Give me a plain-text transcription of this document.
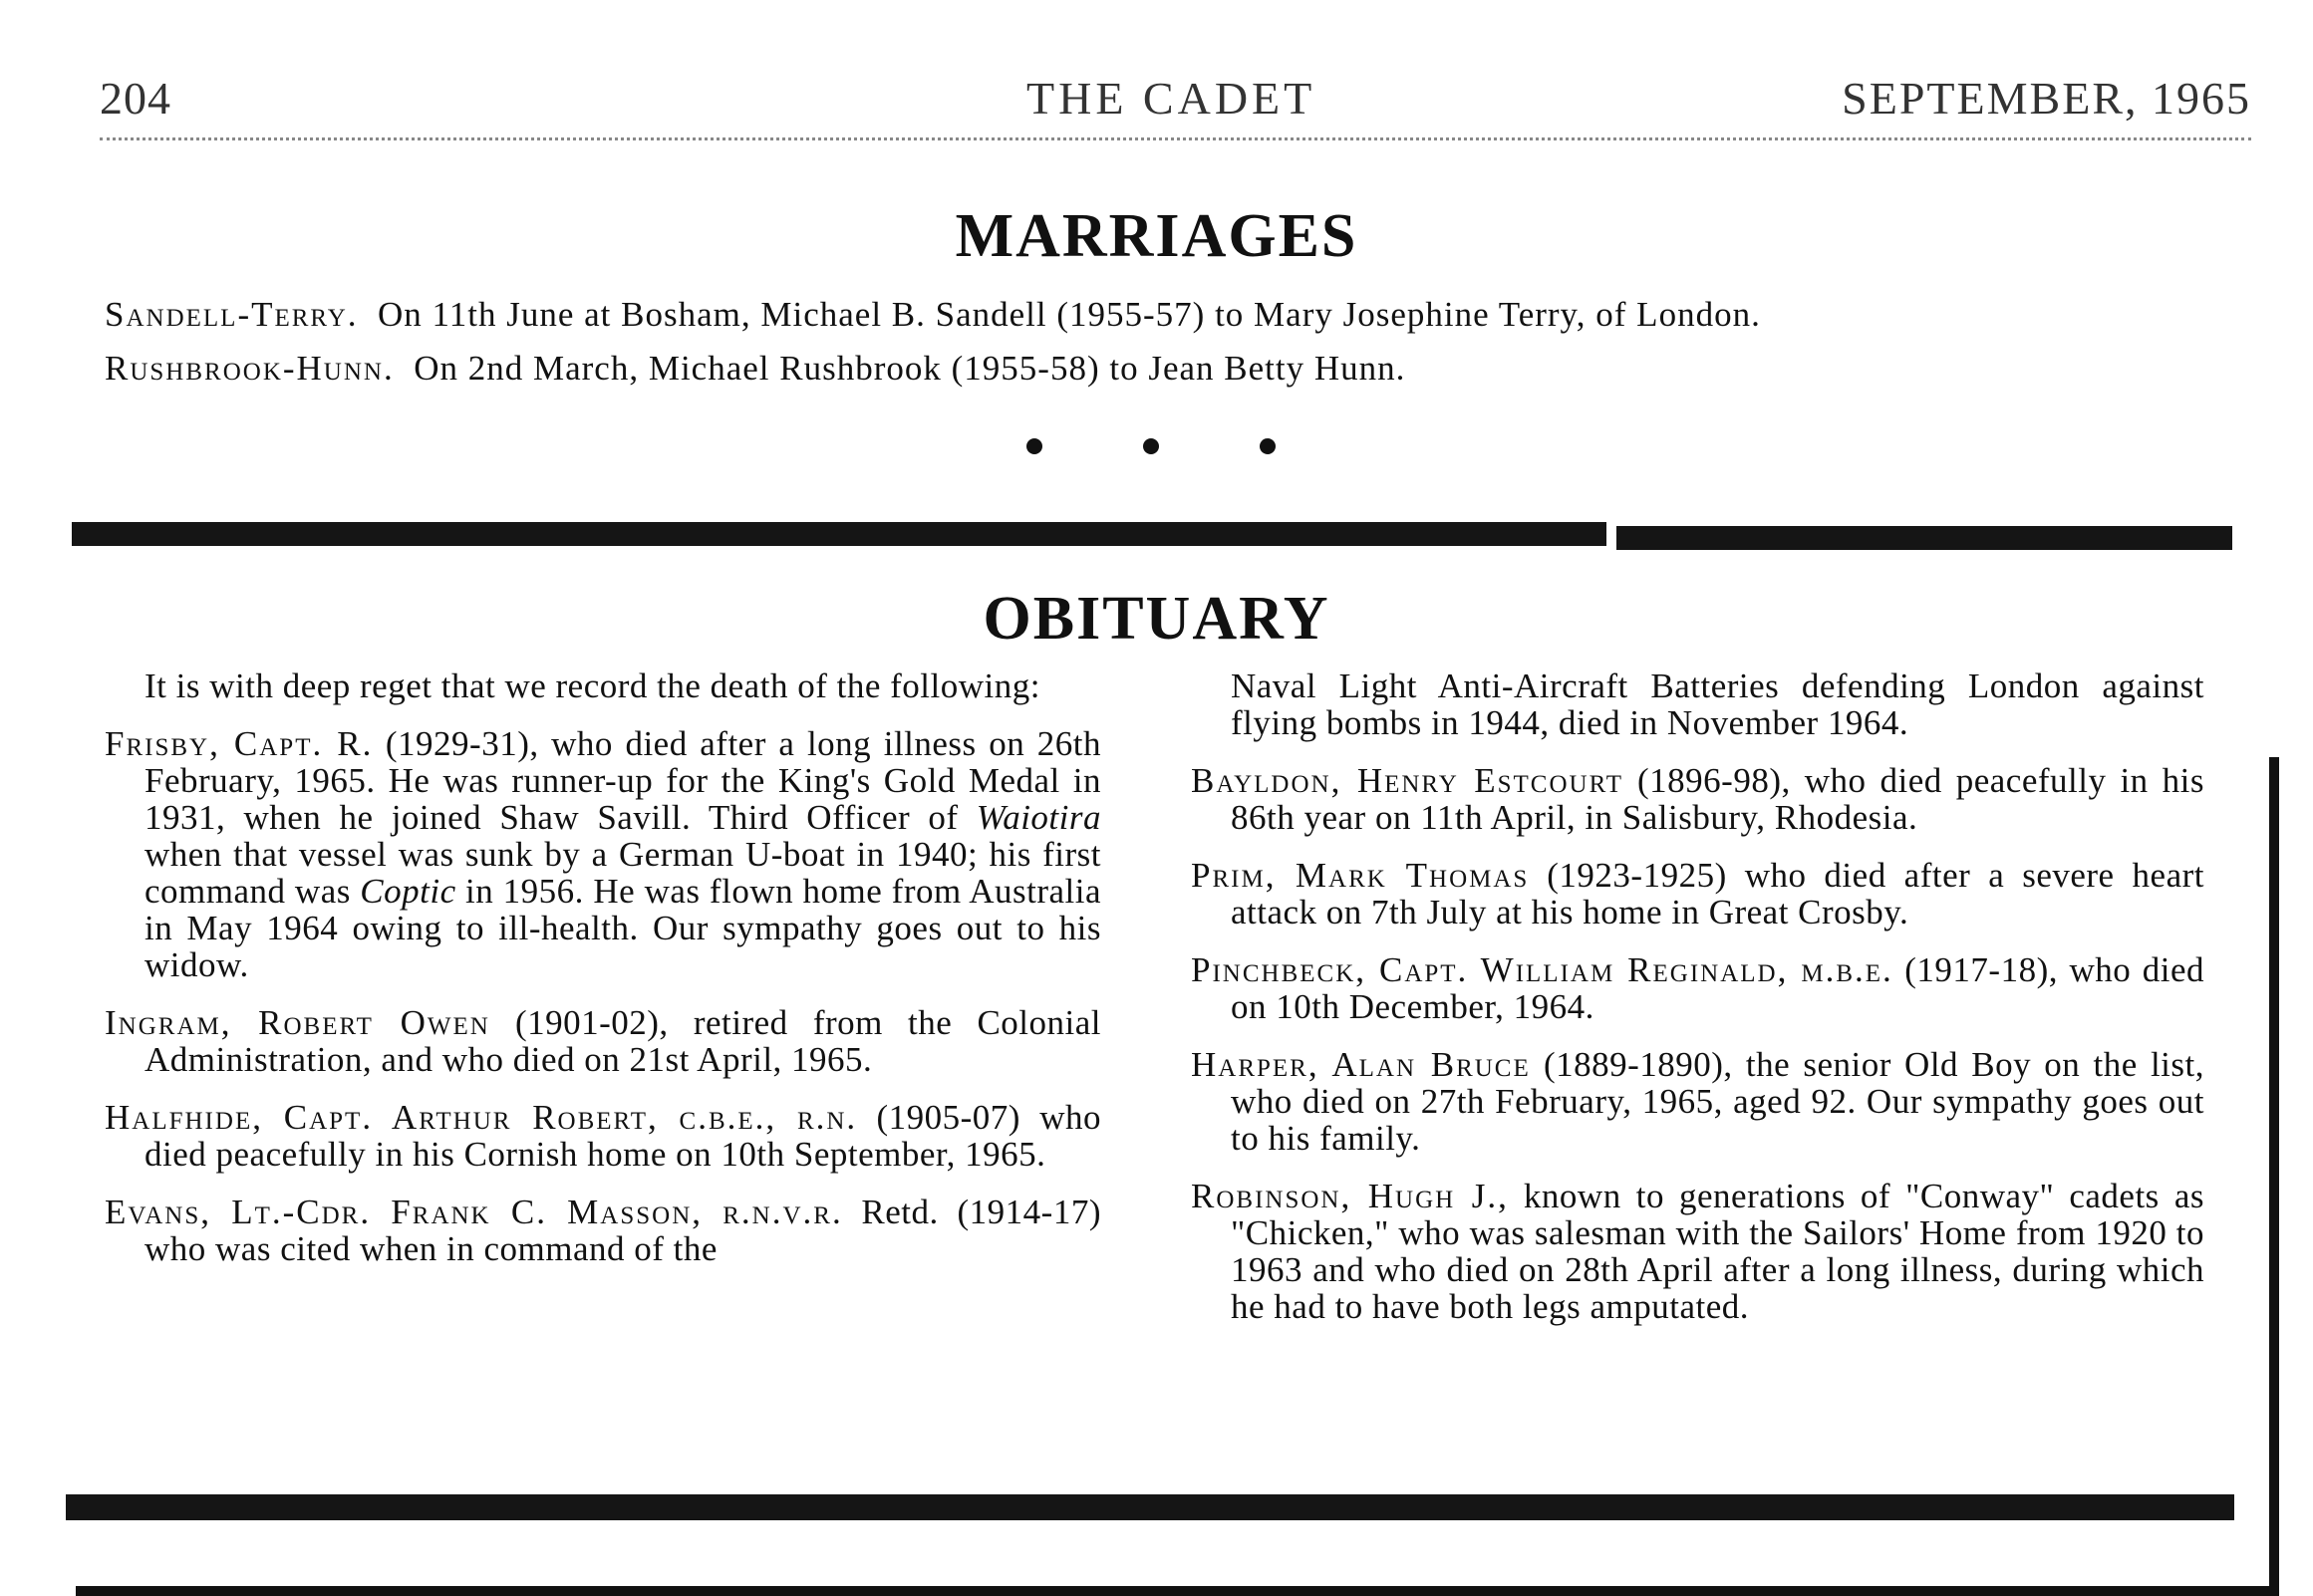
204	THE CADET	SEPTEMBER, 1965
MARRIAGES
Sandell-Terry. On 11th June at Bosham, Michael B. Sandell (1955-57) to Mary Josephine Terry, of London.
Rushbrook-Hunn. On 2nd March, Michael Rushbrook (1955-58) to Jean Betty Hunn.
OBITUARY

It is with deep reget that we record the death of the following:

Frisby, Capt. R. (1929-31), who died after a long illness on 26th February, 1965. He was runner-up for the King's Gold Medal in 1931, when he joined Shaw Savill. Third Officer of Waiotira when that vessel was sunk by a German U-boat in 1940; his first command was Coptic in 1956. He was flown home from Australia in May 1964 owing to ill-health. Our sympathy goes out to his widow.

Ingram, Robert Owen (1901-02), retired from the Colonial Administration, and who died on 21st April, 1965.

Halfhide, Capt. Arthur Robert, c.b.e., r.n. (1905-07) who died peacefully in his Cornish home on 10th September, 1965.

Evans, Lt.-Cdr. Frank C. Masson, r.n.v.r. Retd. (1914-17) who was cited when in command of the

Naval Light Anti-Aircraft Batteries defending London against flying bombs in 1944, died in November 1964.

Bayldon, Henry Estcourt (1896-98), who died peacefully in his 86th year on 11th April, in Salisbury, Rhodesia.

Prim, Mark Thomas (1923-1925) who died after a severe heart attack on 7th July at his home in Great Crosby.

Pinchbeck, Capt. William Reginald, m.b.e. (1917-18), who died on 10th December, 1964.

Harper, Alan Bruce (1889-1890), the senior Old Boy on the list, who died on 27th February, 1965, aged 92. Our sympathy goes out to his family.

Robinson, Hugh J., known to generations of "Conway" cadets as "Chicken," who was salesman with the Sailors' Home from 1920 to 1963 and who died on 28th April after a long illness, during which he had to have both legs amputated.
